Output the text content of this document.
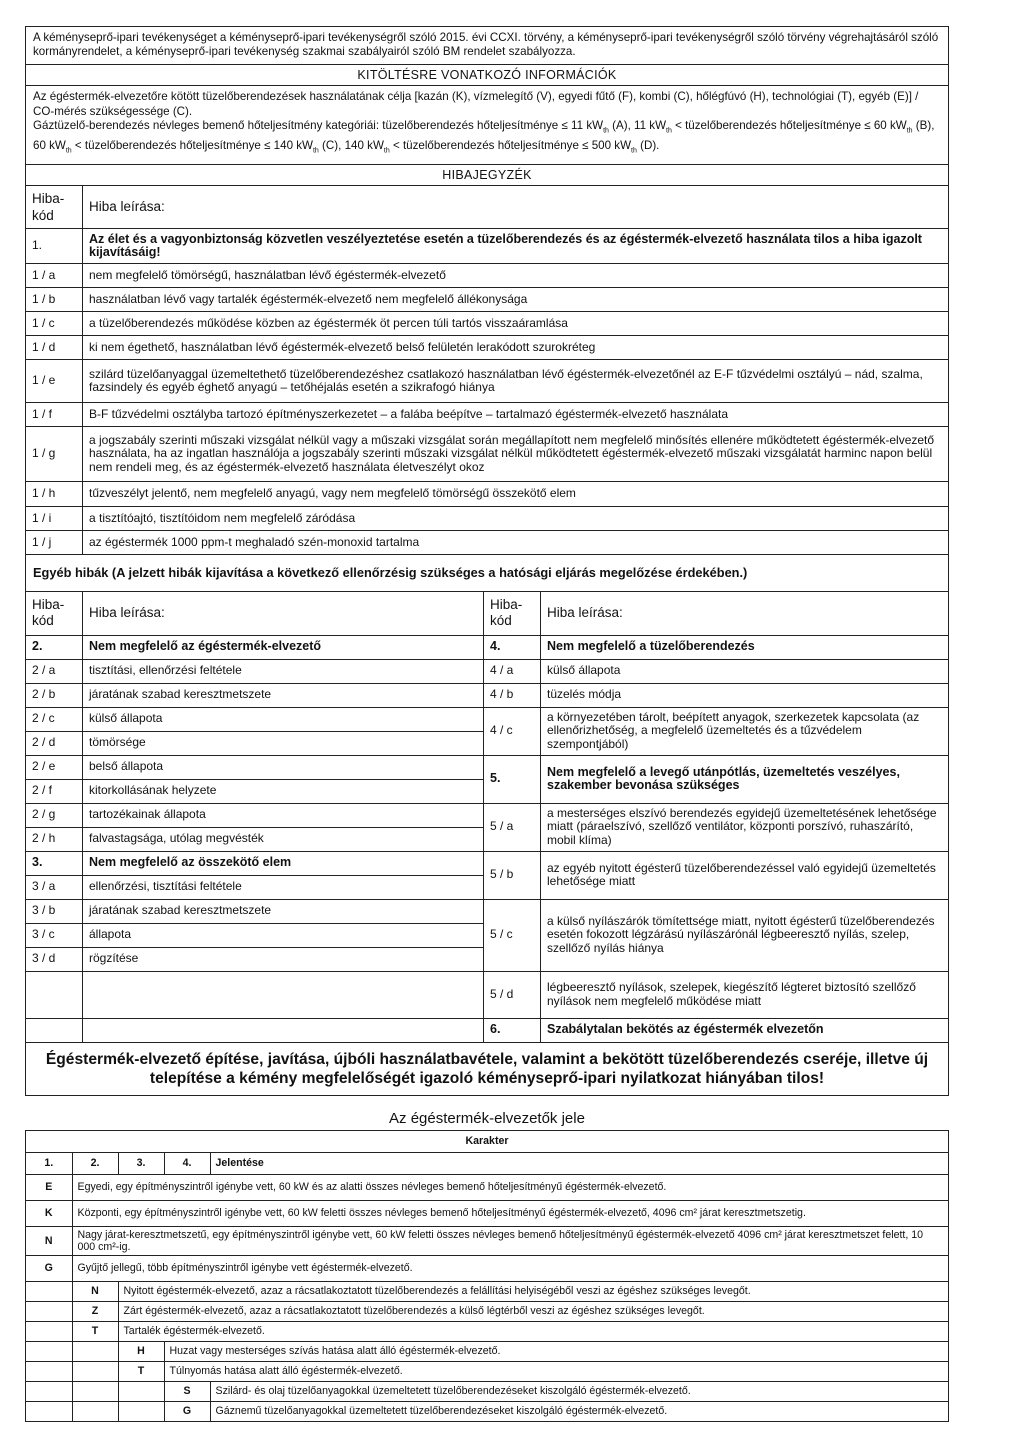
A kéményseprő-ipari tevékenységet a kéményseprő-ipari tevékenységről szóló 2015. évi CCXI. törvény, a kéményseprő-ipari tevékenységről szóló törvény végrehajtásáról szóló kormányrendelet, a kéményseprő-ipari tevékenység szakmai szabályairól szóló BM rendelet szabályozza.
KITÖLTÉSRE VONATKOZÓ INFORMÁCIÓK

Az égéstermék-elvezetőre kötött tüzelőberendezések használatának célja [kazán (K), vízmelegítő (V), egyedi fűtő (F), kombi (C), hőlégfúvó (H), technológiai (T), egyéb (E)] / CO-mérés szükségessége (C).

Gáztüzelő-berendezés névleges bemenő hőteljesítmény kategóriái: tüzelőberendezés hőteljesítménye ≤ 11 $kW_{th}$ (A), 11 $kW_{th}$ < tüzelőberendezés hőteljesítménye ≤ 60 $kW_{th}$ (B), 60 $kW_{th}$ < tüzelőberendezés hőteljesítménye ≤ 140 $kW_{th}$ (C), 140 $kW_{th}$ < tüzelőberendezés hőteljesítménye ≤ 500 $kW_{th}$ (D).

HIBAJEGYZÉK
Hiba-kód	Hiba leírása:
1.	Az élet és a vagyonbiztonság közvetlen veszélyeztetése esetén a tüzelőberendezés és az égéstermék-elvezető használata tilos a hiba igazolt kijavításáig!
1 / a	nem megfelelő tömörségű, használatban lévő égéstermék-elvezető
1 / b	használatban lévő vagy tartalék égéstermék-elvezető nem megfelelő állékonysága
1 / c	a tüzelőberendezés működése közben az égéstermék öt percen túli tartós visszaáramlása
1 / d	ki nem égethető, használatban lévő égéstermék-elvezető belső felületén lerakódott szurokréteg
1 / e	szilárd tüzelőanyaggal üzemeltethető tüzelőberendezéshez csatlakozó használatban lévő égéstermék-elvezetőnél az E-F tűzvédelmi osztályú – nád, szalma, fazsindely és egyéb éghető anyagú – tetőhéjalás esetén a szikrafogó hiánya
1 / f	B-F tűzvédelmi osztályba tartozó építményszerkezetet – a falába beépítve – tartalmazó égéstermék-elvezető használata
1 / g	a jogszabály szerinti műszaki vizsgálat nélkül vagy a műszaki vizsgálat során megállapított nem megfelelő minősítés ellenére működtetett égéstermék-elvezető használata, ha az ingatlan használója a jogszabály szerinti műszaki vizsgálat nélkül működtetett égéstermék-elvezető műszaki vizsgálatát harminc napon belül nem rendeli meg, és az égéstermék-elvezető használata életveszélyt okoz
1 / h	tűzveszélyt jelentő, nem megfelelő anyagú, vagy nem megfelelő tömörségű összekötő elem
1 / i	a tisztítóajtó, tisztítóidom nem megfelelő záródása
1 / j	az égéstermék 1000 ppm-t meghaladó szén-monoxid tartalma
Egyéb hibák (A jelzett hibák kijavítása a következő ellenőrzésig szükséges a hatósági eljárás megelőzése érdekében.)
Hiba-kód	Hiba leírása:	Hiba-kód	Hiba leírása:
2.	Nem megfelelő az égéstermék-elvezető	4.	Nem megfelelő a tüzelőberendezés
2 / a	tisztítási, ellenőrzési feltétele	4 / a	külső állapota
2 / b	járatának szabad keresztmetszete	4 / b	tüzelés módja
2 / c	külső állapota	4 / c	a környezetében tárolt, beépített anyagok, szerkezetek kapcsolata (az ellenőrizhetőség, a megfelelő üzemeltetés és a tűzvédelem szempontjából)
2 / d	tömörsége		
2 / e	belső állapota	5.	Nem megfelelő a levegő utánpótlás, üzemeltetés veszélyes, szakember bevonása szükséges
2 / f	kitorkollásának helyzete		
2 / g	tartozékainak állapota	5 / a	a mesterséges elszívó berendezés egyidejű üzemeltetésének lehetősége miatt (páraelszívó, szellőző ventilátor, központi porszívó, ruhaszárító, mobil klíma)
2 / h	falvastagsága, utólag megvésték		
3.	Nem megfelelő az összekötő elem	5 / b	az egyéb nyitott égésterű tüzelőberendezéssel való egyidejű üzemeltetés lehetősége miatt
3 / a	ellenőrzési, tisztítási feltétele		
3 / b	járatának szabad keresztmetszete	5 / c	a külső nyílászárók tömítettsége miatt, nyitott égésterű tüzelőberendezés esetén fokozott légzárású nyílászárónál légbeeresztő nyílás, szelep, szellőző nyílás hiánya
3 / c	állapota		
3 / d	rögzítése		
		5 / d	légbeeresztő nyílások, szelepek, kiegészítő légteret biztosító szellőző nyílások nem megfelelő működése miatt
		6.	Szabálytalan bekötés az égéstermék elvezetőn
Égéstermék-elvezető építése, javítása, újbóli használatbavétele, valamint a bekötött tüzelőberendezés cseréje, illetve új telepítése a kémény megfelelőségét igazoló kéményseprő-ipari nyilatkozat hiányában tilos!
Az égéstermék-elvezetők jele
Karakter				
1.	2.	3.	4.	Jelentése
E	Egyedi, egy építményszintről igénybe vett, 60 kW és az alatti összes névleges bemenő hőteljesítményű égéstermék-elvezető.			
K	Központi, egy építményszintről igénybe vett, 60 kW feletti összes névleges bemenő hőteljesítményű égéstermék-elvezető, 4096 cm² járat keresztmetszetig.			
N	Nagy járat-keresztmetszetű, egy építményszintről igénybe vett, 60 kW feletti összes névleges bemenő hőteljesítményű égéstermék-elvezető 4096 cm² járat keresztmetszet felett, 10 000 cm²-ig.			
G	Gyűjtő jellegű, több építményszintről igénybe vett égéstermék-elvezető.			
	N	Nyitott égéstermék-elvezető, azaz a rácsatlakoztatott tüzelőberendezés a felállítási helyiségéből veszi az égéshez szükséges levegőt.		
	Z	Zárt égéstermék-elvezető, azaz a rácsatlakoztatott tüzelőberendezés a külső légtérből veszi az égéshez szükséges levegőt.		
	T	Tartalék égéstermék-elvezető.		
		H	Huzat vagy mesterséges szívás hatása alatt álló égéstermék-elvezető.	
		T	Túlnyomás hatása alatt álló égéstermék-elvezető.	
			S	Szilárd- és olaj tüzelőanyagokkal üzemeltetett tüzelőberendezéseket kiszolgáló égéstermék-elvezető.
			G	Gáznemű tüzelőanyagokkal üzemeltetett tüzelőberendezéseket kiszolgáló égéstermék-elvezető.
